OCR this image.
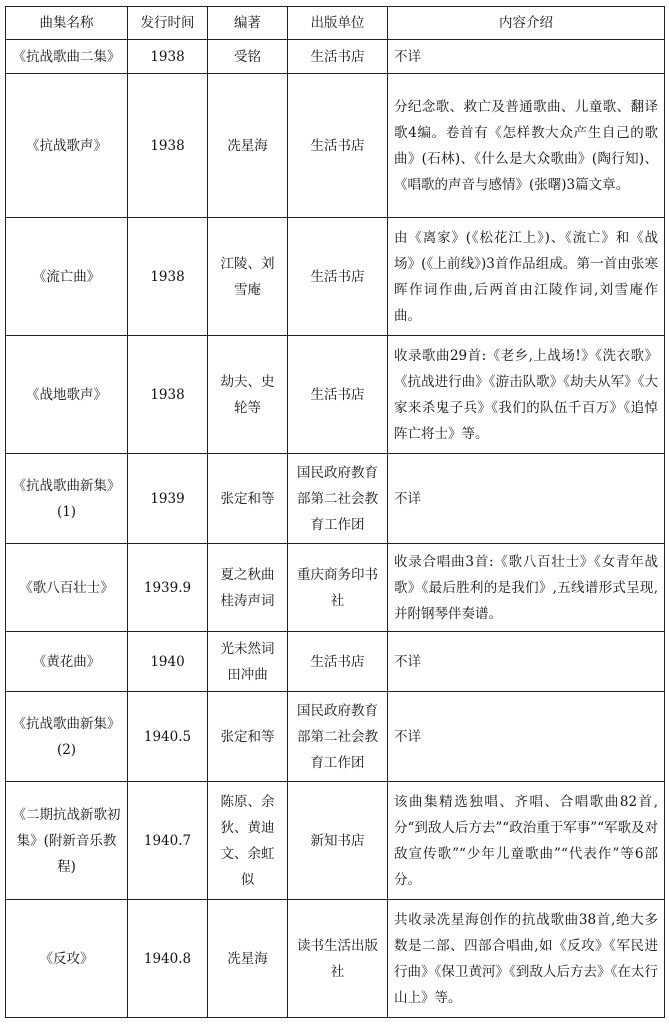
曲集名称	发行时间	编著	出版单位	内容介绍
《抗战歌曲二集》	1938	受铭	生活书店	不详
《抗战歌声》	1938	冼星海	生活书店	分纪念歌、救亡及普通歌曲、儿童歌、翻译歌4编。卷首有《怎样教大众产生自己的歌曲》(石林)、《什么是大众歌曲》(陶行知)、《唱歌的声音与感情》(张曙)3篇文章。
《流亡曲》	1938	江陵、刘雪庵	生活书店	由《离家》(《松花江上》)、《流亡》和《战场》(《上前线》)3首作品组成。第一首由张寒晖作词作曲,后两首由江陵作词,刘雪庵作曲。
《战地歌声》	1938	劫夫、史轮等	生活书店	收录歌曲29首:《老乡,上战场!》《洗衣歌》《抗战进行曲》《游击队歌》《劫夫从军》《大家来杀鬼子兵》《我们的队伍千百万》《追悼阵亡将士》等。
《抗战歌曲新集》(1)	1939	张定和等	国民政府教育部第二社会教育工作团	不详
《歌八百壮士》	1939.9	夏之秋曲桂涛声词	重庆商务印书社	收录合唱曲3首:《歌八百壮士》《女青年战歌》《最后胜利的是我们》,五线谱形式呈现,并附钢琴伴奏谱。
《黄花曲》	1940	光未然词田冲曲	生活书店	不详
《抗战歌曲新集》(2)	1940.5	张定和等	国民政府教育部第二社会教育工作团	不详
《二期抗战新歌初集》(附新音乐教程)	1940.7	陈原、余狄、黄迪文、余虹似	新知书店	该曲集精选独唱、齐唱、合唱歌曲82首,分“到敌人后方去”“政治重于军事”“军歌及对敌宣传歌”“少年儿童歌曲”“代表作”等6部分。
《反攻》	1940.8	冼星海	读书生活出版社	共收录冼星海创作的抗战歌曲38首,绝大多数是二部、四部合唱曲,如《反攻》《军民进行曲》《保卫黄河》《到敌人后方去》《在太行山上》等。
